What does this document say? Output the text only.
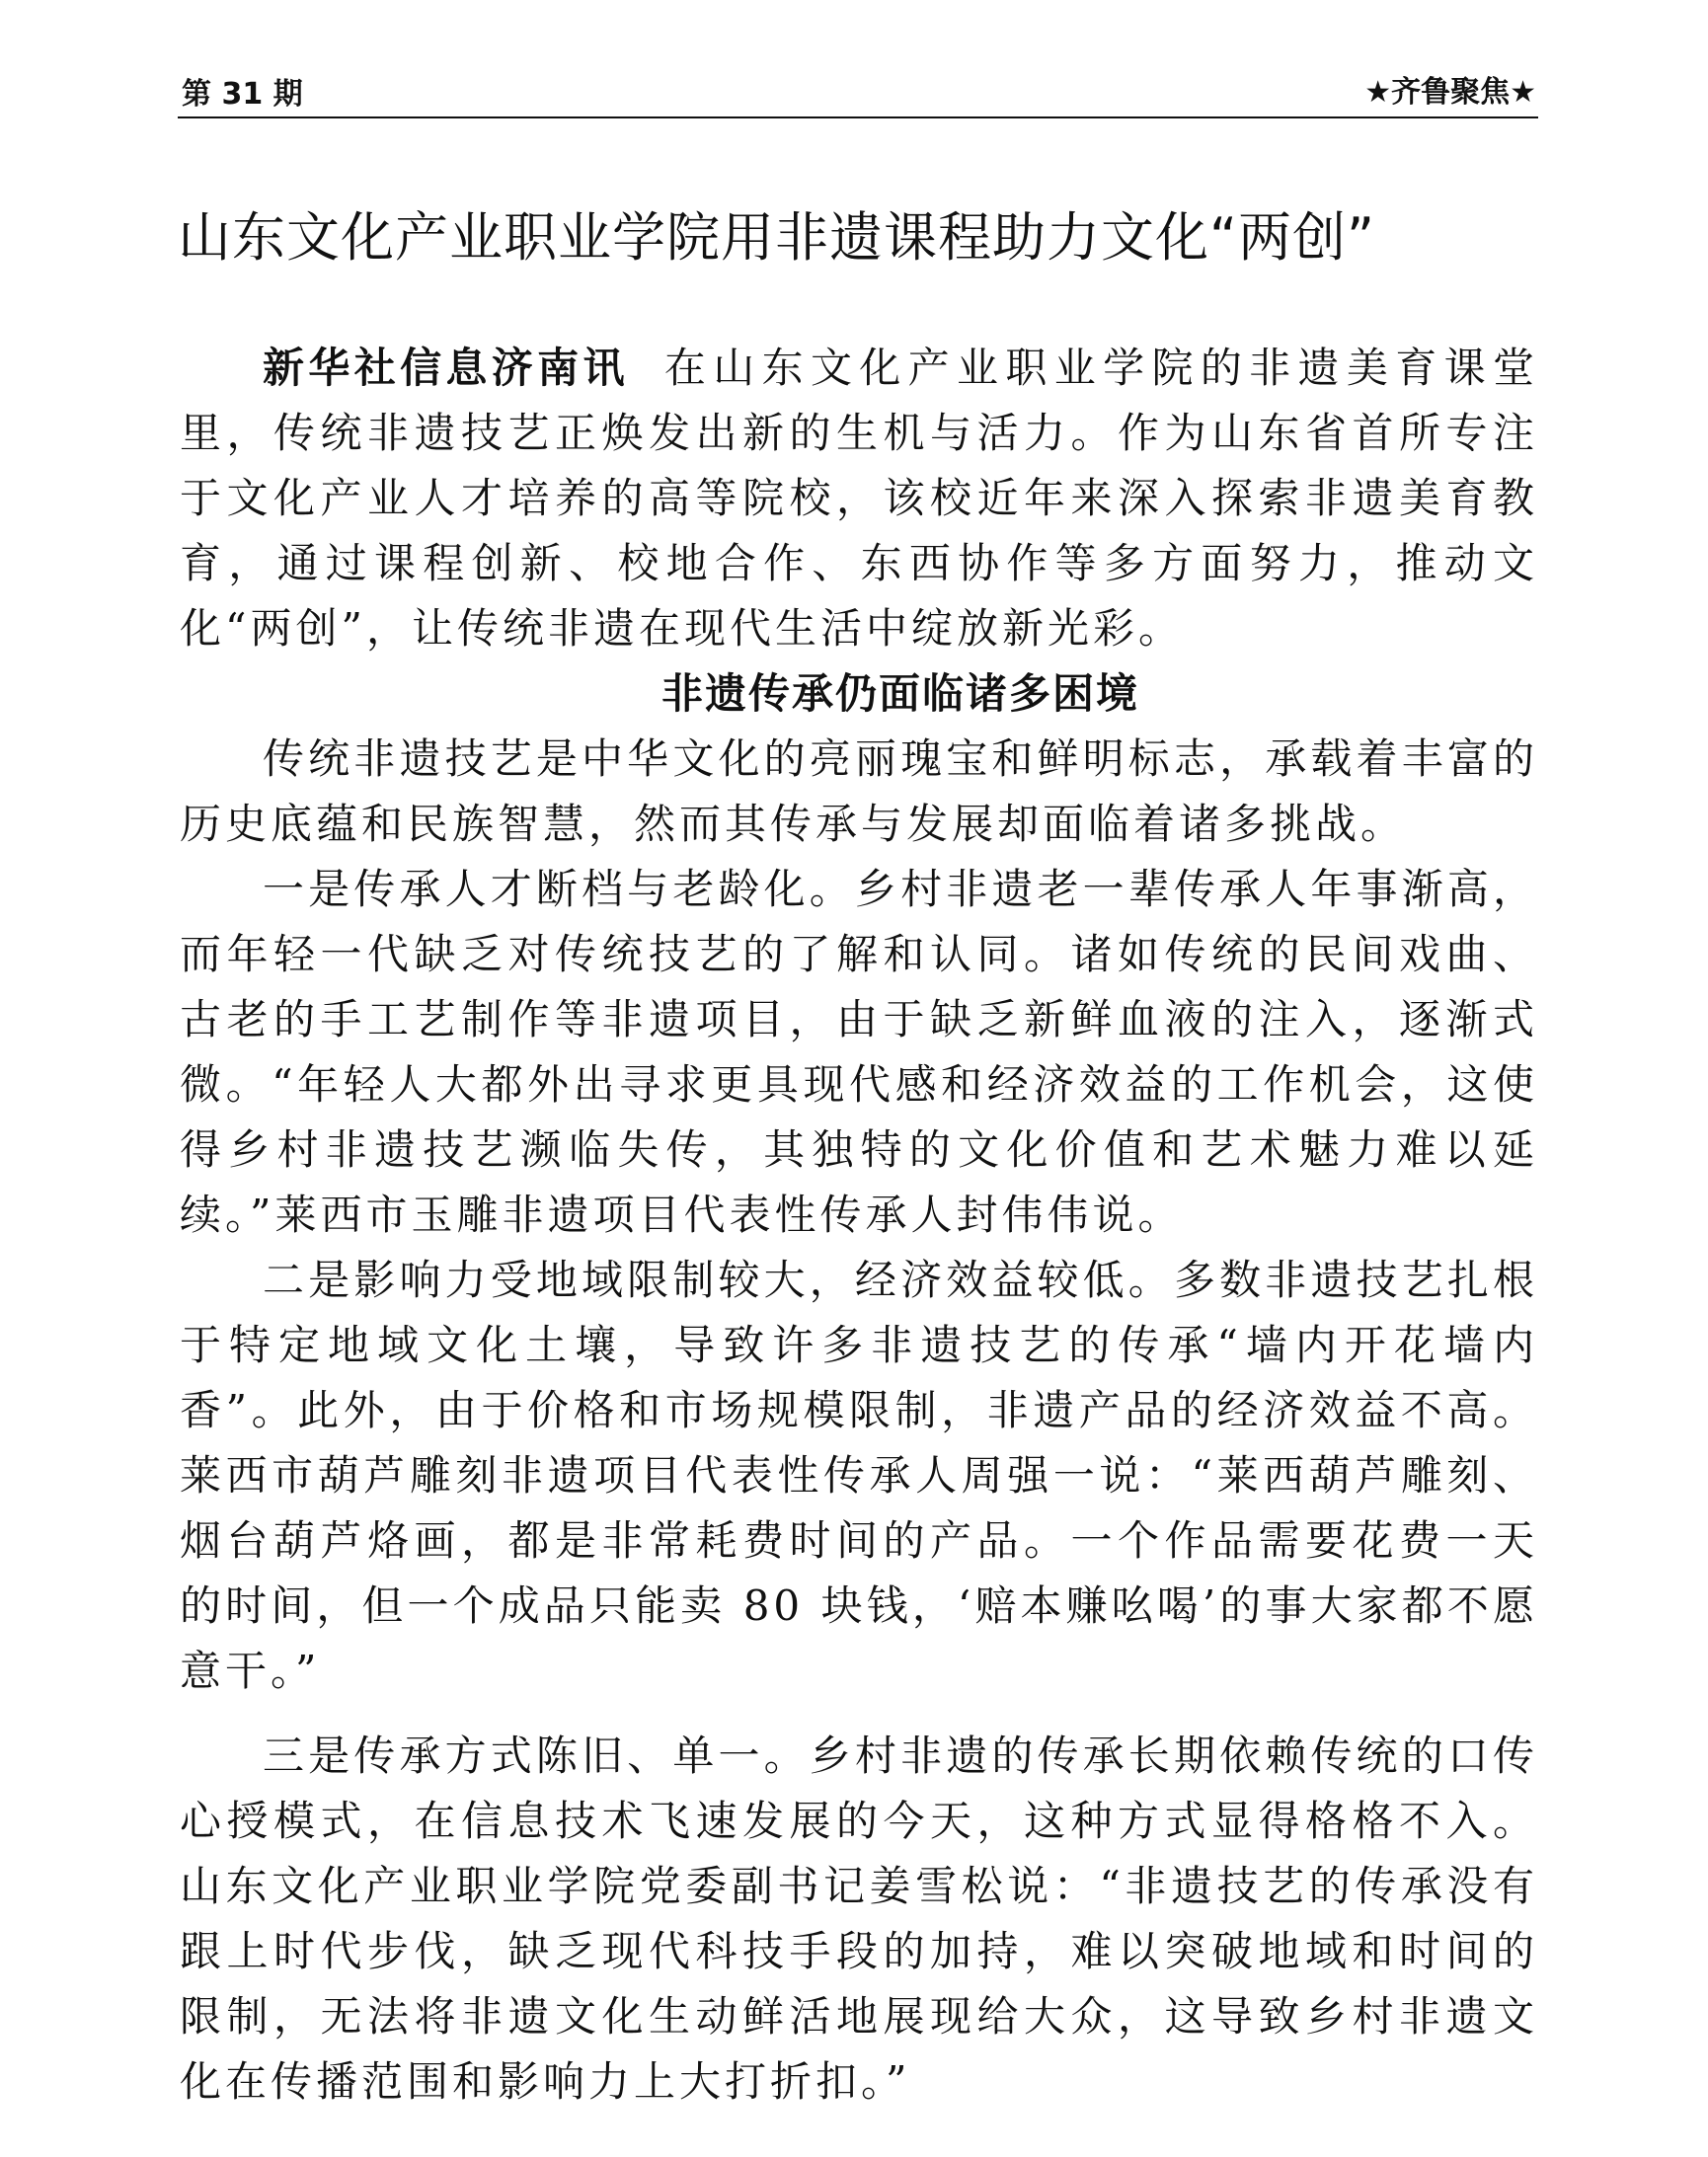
第 31 期	★齐鲁聚焦★
山东文化产业职业学院用非遗课程助力文化“两创”

新华社信息济南讯 在山东文化产业职业学院的非遗美育课堂里，传统非遗技艺正焕发出新的生机与活力。作为山东省首所专注于文化产业人才培养的高等院校，该校近年来深入探索非遗美育教育，通过课程创新、校地合作、东西协作等多方面努力，推动文化“两创”，让传统非遗在现代生活中绽放新光彩。

非遗传承仍面临诸多困境

传统非遗技艺是中华文化的亮丽瑰宝和鲜明标志，承载着丰富的历史底蕴和民族智慧，然而其传承与发展却面临着诸多挑战。

一是传承人才断档与老龄化。乡村非遗老一辈传承人年事渐高，而年轻一代缺乏对传统技艺的了解和认同。诸如传统的民间戏曲、古老的手工艺制作等非遗项目，由于缺乏新鲜血液的注入，逐渐式微。“年轻人大都外出寻求更具现代感和经济效益的工作机会，这使得乡村非遗技艺濒临失传，其独特的文化价值和艺术魅力难以延续。”莱西市玉雕非遗项目代表性传承人封伟伟说。

二是影响力受地域限制较大，经济效益较低。多数非遗技艺扎根于特定地域文化土壤，导致许多非遗技艺的传承“墙内开花墙内香”。此外，由于价格和市场规模限制，非遗产品的经济效益不高。莱西市葫芦雕刻非遗项目代表性传承人周强一说：“莱西葫芦雕刻、烟台葫芦烙画，都是非常耗费时间的产品。一个作品需要花费一天的时间，但一个成品只能卖 80 块钱，‘赔本赚吆喝’的事大家都不愿意干。”

三是传承方式陈旧、单一。乡村非遗的传承长期依赖传统的口传心授模式，在信息技术飞速发展的今天，这种方式显得格格不入。山东文化产业职业学院党委副书记姜雪松说：“非遗技艺的传承没有跟上时代步伐，缺乏现代科技手段的加持，难以突破地域和时间的限制，无法将非遗文化生动鲜活地展现给大众，这导致乡村非遗文化在传播范围和影响力上大打折扣。”
